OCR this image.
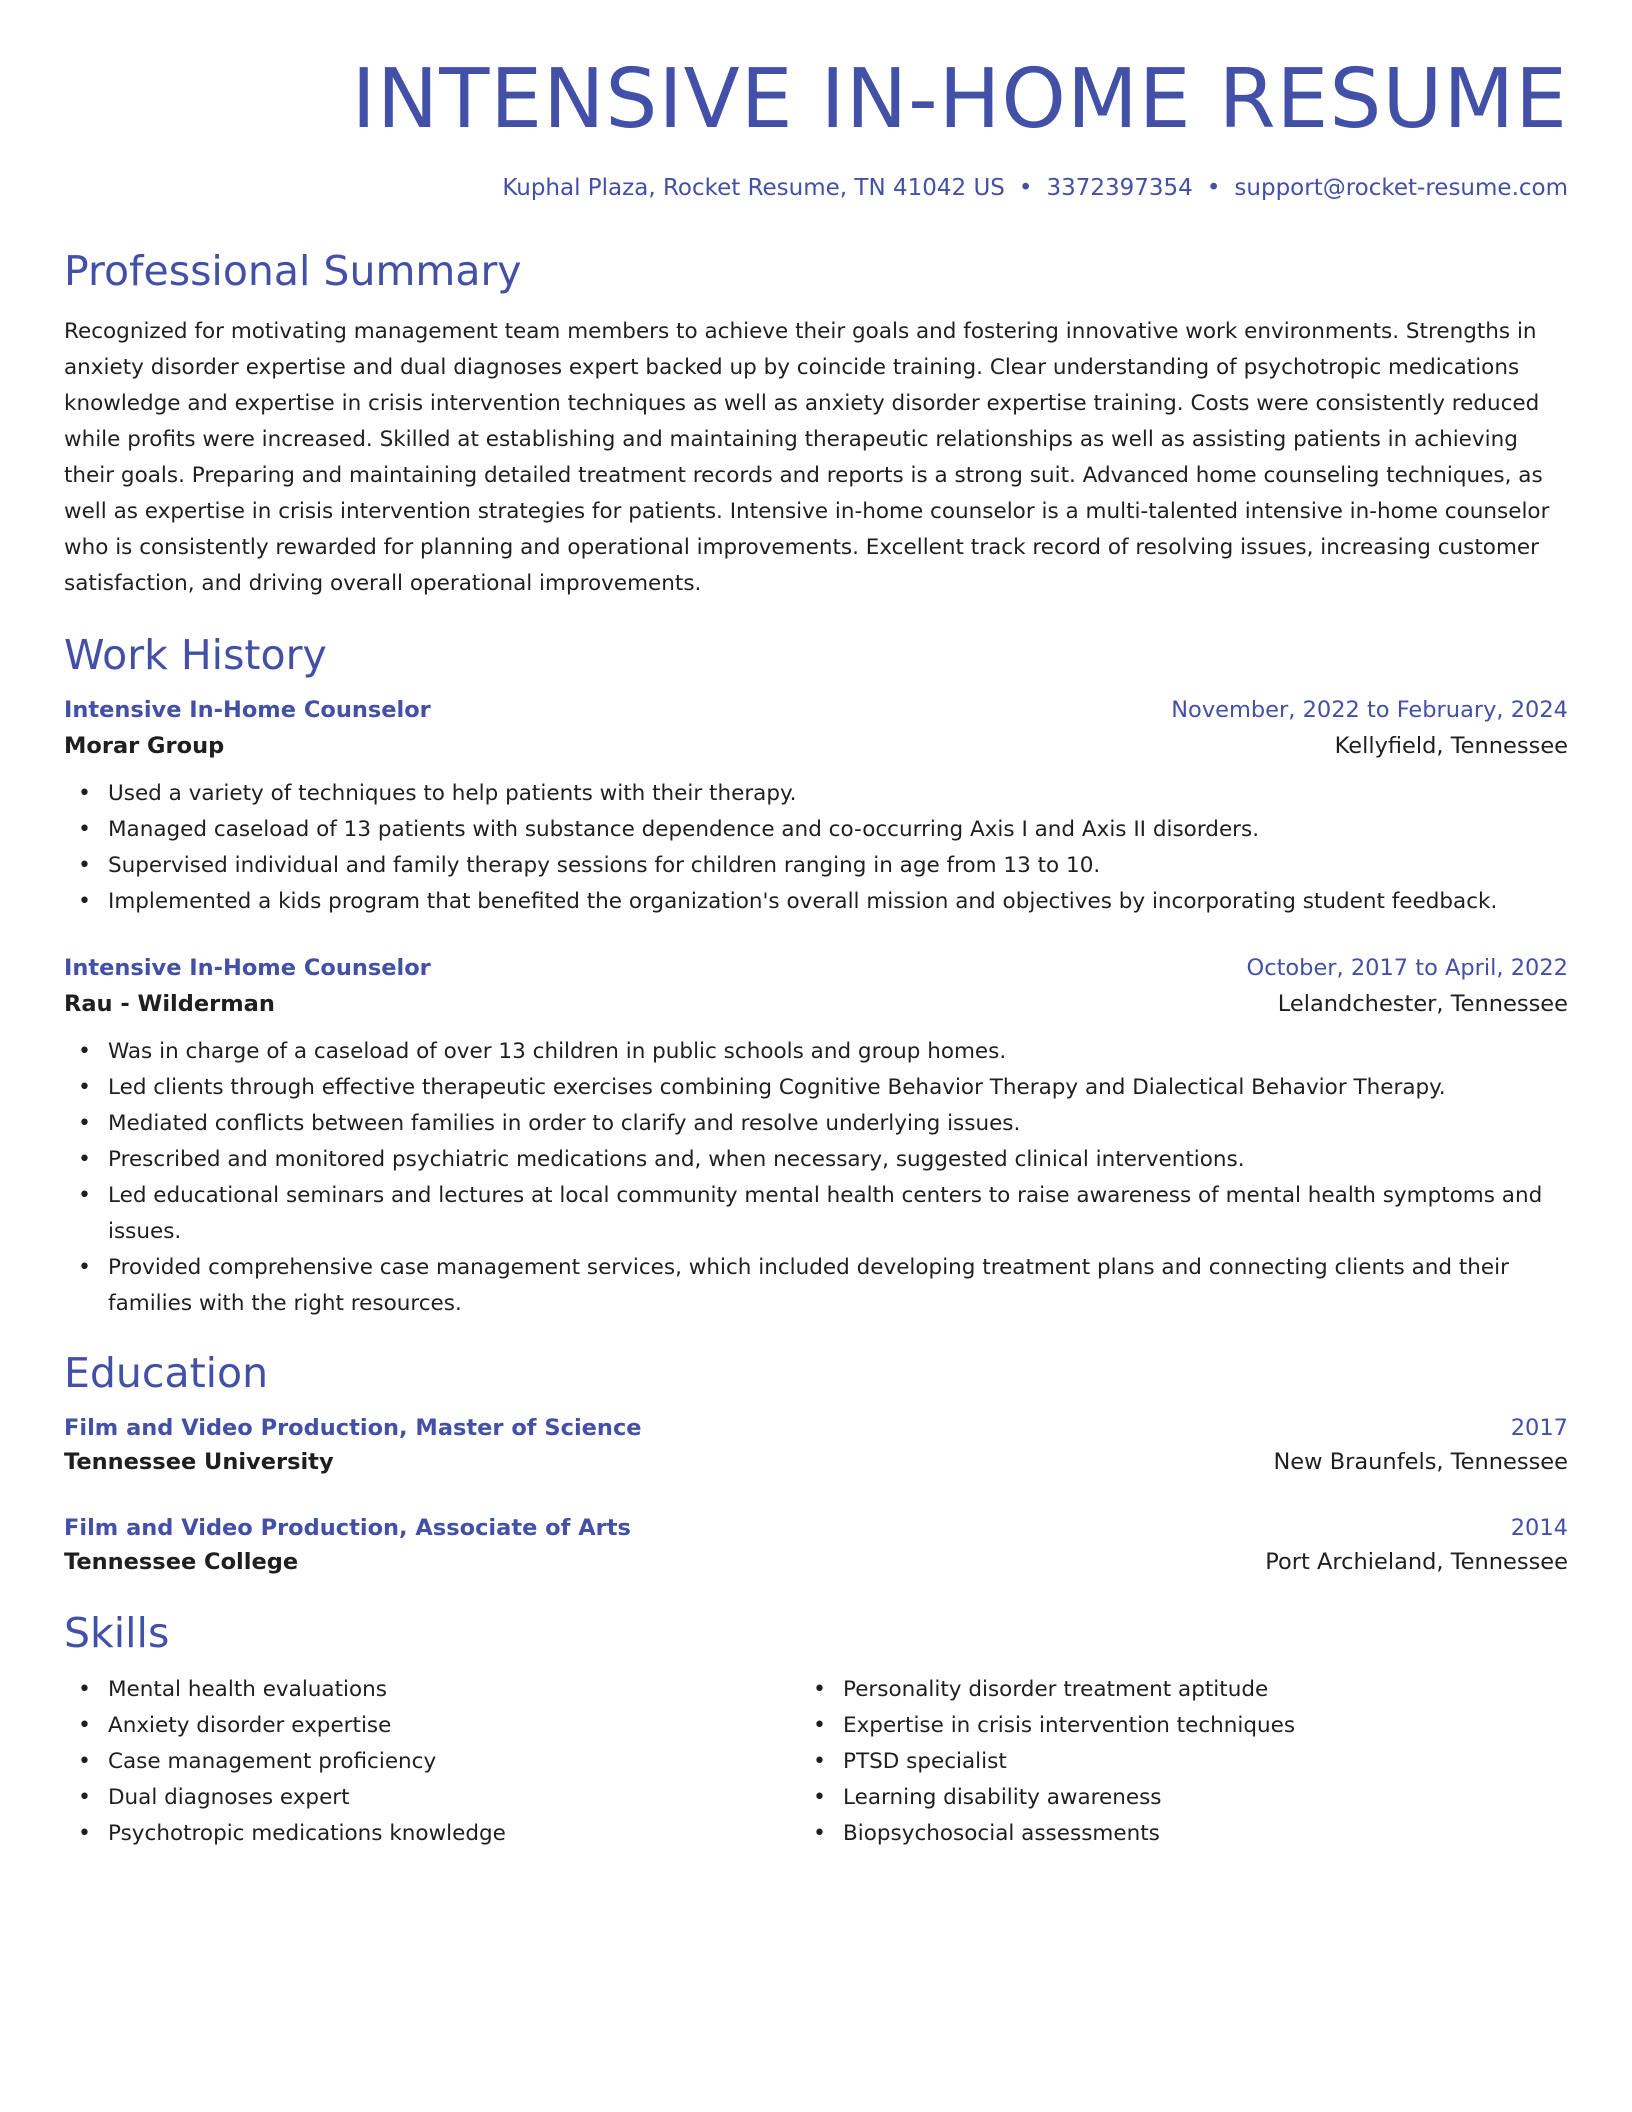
INTENSIVE IN-HOME RESUME
Kuphal Plaza, Rocket Resume, TN 41042 US • 3372397354 • support@rocket-resume.com
Professional Summary

Recognized for motivating management team members to achieve their goals and fostering innovative work environments. Strengths in anxiety disorder expertise and dual diagnoses expert backed up by coincide training. Clear understanding of psychotropic medications knowledge and expertise in crisis intervention techniques as well as anxiety disorder expertise training. Costs were consistently reduced while profits were increased. Skilled at establishing and maintaining therapeutic relationships as well as assisting patients in achieving their goals. Preparing and maintaining detailed treatment records and reports is a strong suit. Advanced home counseling techniques, as well as expertise in crisis intervention strategies for patients. Intensive in-home counselor is a multi-talented intensive in-home counselor who is consistently rewarded for planning and operational improvements. Excellent track record of resolving issues, increasing customer satisfaction, and driving overall operational improvements.

Work History
Intensive In-Home Counselor	November, 2022 to February, 2024
Morar Group	Kellyfield, Tennessee
• Used a variety of techniques to help patients with their therapy.
• Managed caseload of 13 patients with substance dependence and co-occurring Axis I and Axis II disorders.
• Supervised individual and family therapy sessions for children ranging in age from 13 to 10.
• Implemented a kids program that benefited the organization's overall mission and objectives by incorporating student feedback.
Intensive In-Home Counselor	October, 2017 to April, 2022
Rau - Wilderman	Lelandchester, Tennessee
• Was in charge of a caseload of over 13 children in public schools and group homes.
• Led clients through effective therapeutic exercises combining Cognitive Behavior Therapy and Dialectical Behavior Therapy.
• Mediated conflicts between families in order to clarify and resolve underlying issues.
• Prescribed and monitored psychiatric medications and, when necessary, suggested clinical interventions.
• Led educational seminars and lectures at local community mental health centers to raise awareness of mental health symptoms and issues.
• Provided comprehensive case management services, which included developing treatment plans and connecting clients and their families with the right resources.
Education
Film and Video Production, Master of Science	2017
Tennessee University	New Braunfels, Tennessee
Film and Video Production, Associate of Arts	2014
Tennessee College	Port Archieland, Tennessee
Skills
• Mental health evaluations
• Anxiety disorder expertise
• Case management proficiency
• Dual diagnoses expert
• Psychotropic medications knowledge
• Personality disorder treatment aptitude
• Expertise in crisis intervention techniques
• PTSD specialist
• Learning disability awareness
• Biopsychosocial assessments
